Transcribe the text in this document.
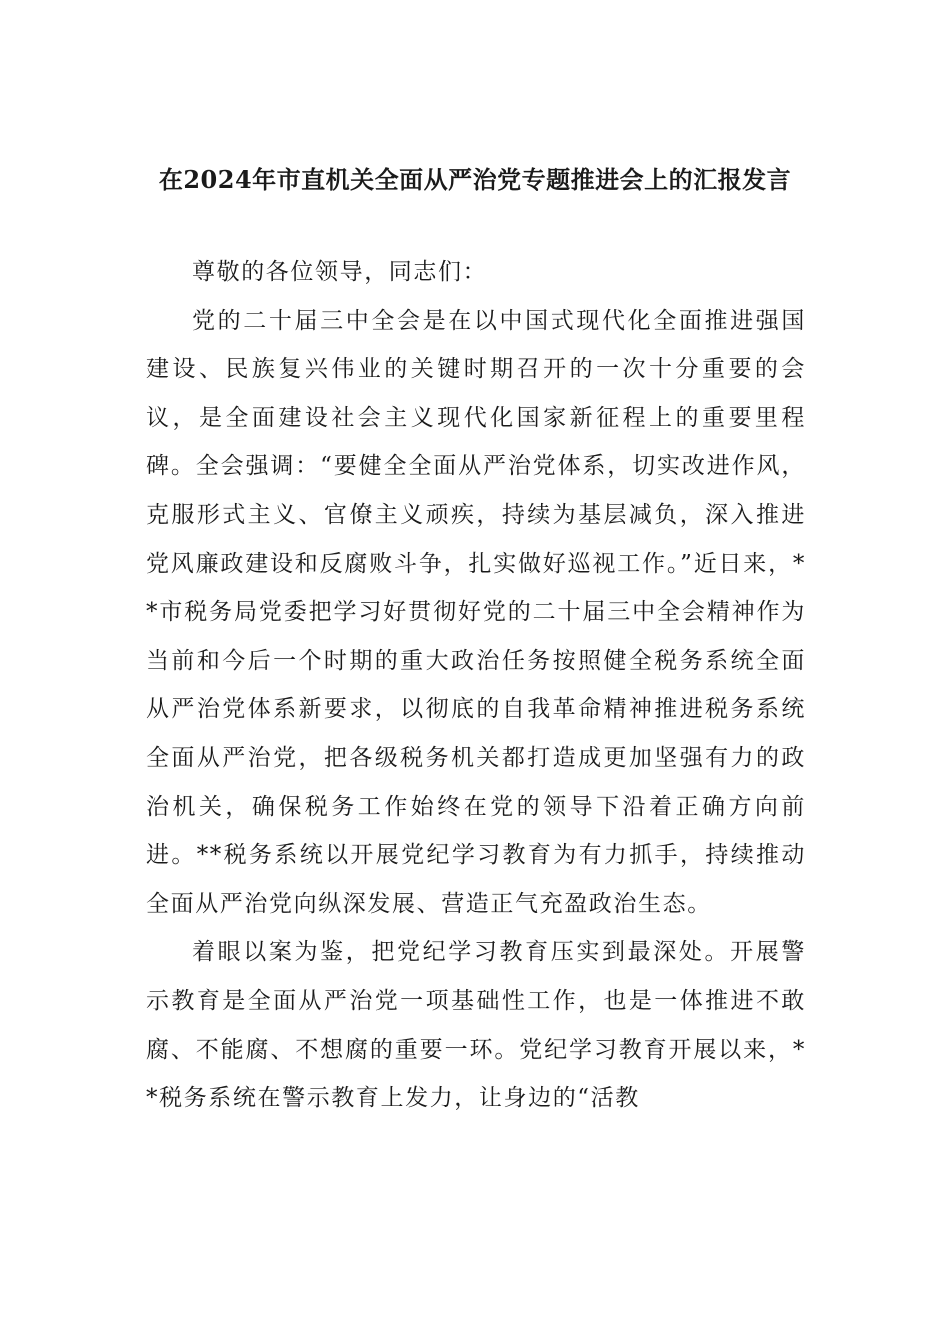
在2024年市直机关全面从严治党专题推进会上的汇报发言

尊敬的各位领导，同志们：

党的二十届三中全会是在以中国式现代化全面推进强国建设、民族复兴伟业的关键时期召开的一次十分重要的会议，是全面建设社会主义现代化国家新征程上的重要里程碑。全会强调：“要健全全面从严治党体系，切实改进作风，克服形式主义、官僚主义顽疾，持续为基层减负，深入推进党风廉政建设和反腐败斗争，扎实做好巡视工作。”近日来，**市税务局党委把学习好贯彻好党的二十届三中全会精神作为当前和今后一个时期的重大政治任务按照健全税务系统全面从严治党体系新要求，以彻底的自我革命精神推进税务系统全面从严治党，把各级税务机关都打造成更加坚强有力的政治机关，确保税务工作始终在党的领导下沿着正确方向前进。**税务系统以开展党纪学习教育为有力抓手，持续推动全面从严治党向纵深发展、营造正气充盈政治生态。

着眼以案为鉴，把党纪学习教育压实到最深处。开展警示教育是全面从严治党一项基础性工作，也是一体推进不敢腐、不能腐、不想腐的重要一环。党纪学习教育开展以来，**税务系统在警示教育上发力，让身边的“活教
